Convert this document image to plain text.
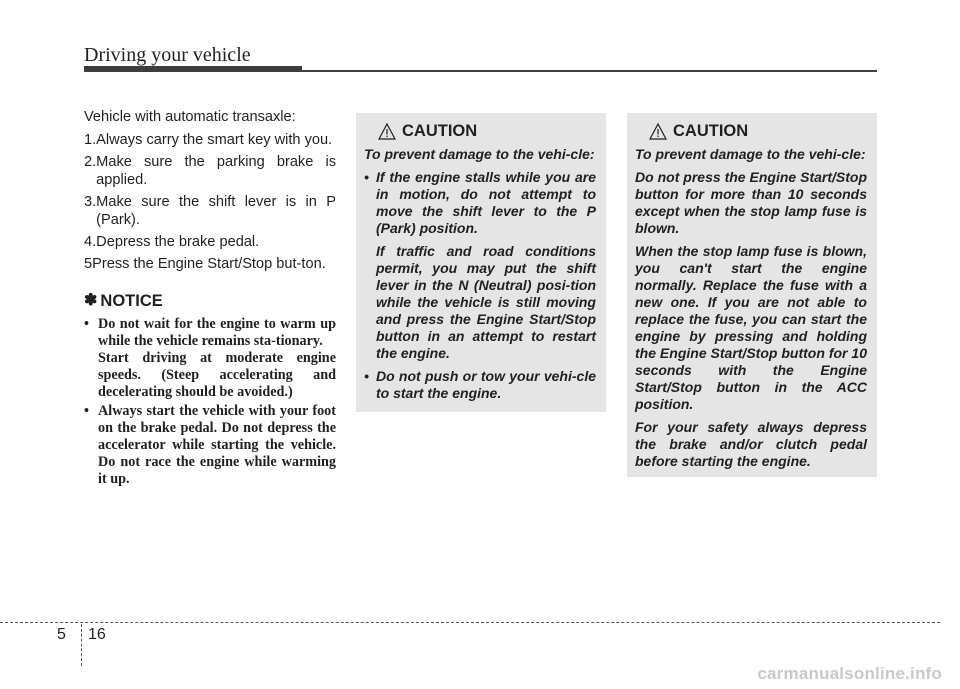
Driving your vehicle
Vehicle with automatic transaxle:
1. Always carry the smart key with you.
2. Make sure the parking brake is applied.
3. Make sure the shift lever is in P (Park).
4. Depress the brake pedal.
5 Press the Engine Start/Stop but-ton.
✽ NOTICE
• Do not wait for the engine to warm up while the vehicle remains sta-tionary.
Start driving at moderate engine speeds. (Steep accelerating and decelerating should be avoided.)
• Always start the vehicle with your foot on the brake pedal. Do not depress the accelerator while starting the vehicle. Do not race the engine while warming it up.
CAUTION

To prevent damage to the vehi-cle:

• If the engine stalls while you are in motion, do not attempt to move the shift lever to the P (Park) position.
If traffic and road conditions permit, you may put the shift lever in the N (Neutral) posi-tion while the vehicle is still moving and press the Engine Start/Stop button in an attempt to restart the engine.
• Do not push or tow your vehi-cle to start the engine.
CAUTION

To prevent damage to the vehi-cle:

Do not press the Engine Start/Stop button for more than 10 seconds except when the stop lamp fuse is blown.

When the stop lamp fuse is blown, you can't start the engine normally. Replace the fuse with a new one. If you are not able to replace the fuse, you can start the engine by pressing and holding the Engine Start/Stop button for 10 seconds with the Engine Start/Stop button in the ACC position.

For your safety always depress the brake and/or clutch pedal before starting the engine.

5 16
carmanualsonline.info
